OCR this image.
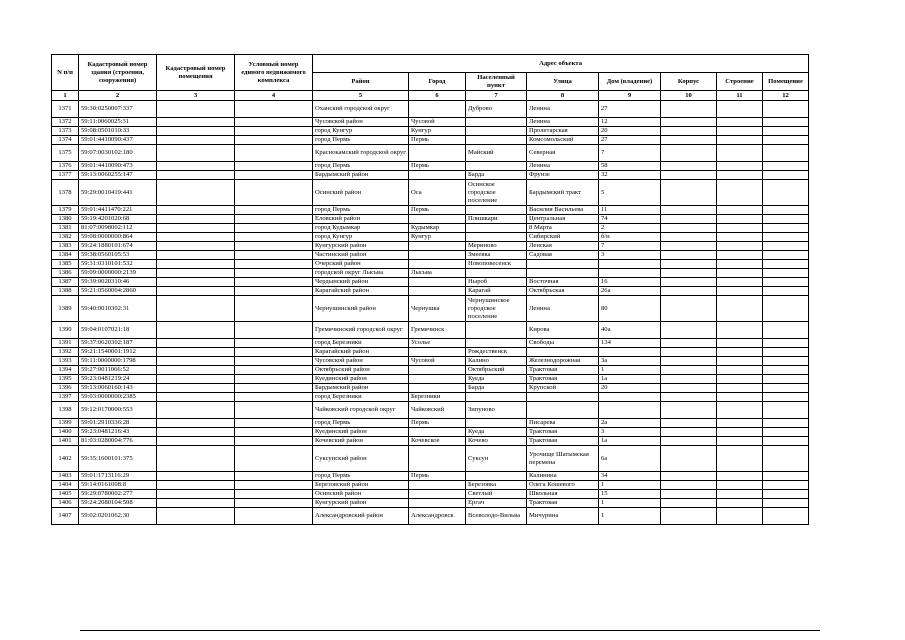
N п/п	Кадастровый номер здания (строения, сооружения)	Кадастровый номер помещения	Условный номер единого недвижимого комплекса	Адрес объекта							
				Район	Город	Населенный пункт	Улица	Дом (владение)	Корпус	Строение	Помещение
1	2	3	4	5	6	7	8	9	10	11	12
1371	59:30:0250007:337			Оханский городской округ		Дуброво	Ленина	27			
1372	59:11:0060025:31			Чусовской район	Чусовой		Ленина	12			
1373	59:08:0501010:33			город Кунгур	Кунгур		Пролетарская	20			
1374	59:01:4410090:437			город Пермь	Пермь		Комсомольский	27			
1375	59:07:0030102:180			Краснокамский городской округ		Майский	Северная	7			
1376	59:01:4410090:473			город Пермь	Пермь		Ленина	58			
1377	59:13:0060255:147			Бардымский район		Барда	Фрунзе	32			
1378	59:29:0010419:441			Осинский район	Оса	Осинское городское поселение	Бардымский тракт	5			
1379	59:01:4411470:221			город Пермь	Пермь		Василия Васильева	11			
1380	59:19:4201020:68			Еловский район		Плишкари	Центральная	74			
1381	81:07:0098002:112			город Кудымкар	Кудымкар		8 Марта	2			
1382	59:08:0000000:864			город Кунгур	Кунгур		Сибирский	б/н			
1383	59:24:1880101:674			Кунгурский район		Мериново	Ленская	7			
1384	59:38:0560105:53			Частинский район		Змеевка	Садовая	3			
1385	59:31:0310101:532			Очерский район		Новоповесенск					
1386	59:09:0000000:2139			городской округ Лысьва	Лысьва						
1387	59:39:0020310:46			Чердынский район		Ныроб	Восточная	16			
1388	59:21:0560004:2860			Карагайский район		Карагай	Октябрьская	26а			
1389	59:40:0010302:31			Чернушинский район	Чернушка	Чернушинское городское поселение	Ленина	80			
1390	59:04:0107021:18			Гремячинский городской округ	Гремячинск		Кирова	40а			
1391	59:37:0620302:187			город Березники	Усолье		Свободы	134			
1392	59:21:1540001:1912			Карагайский район		Рождественск					
1393	59:11:0000000:1798			Чусовской район	Чусовой	Калино	Железнодорожная	3а			
1394	59:27:0011066:52			Октябрьский район		Октябрьский	Трактовая	1			
1395	59:23:0481219:24			Куединский район		Куеда	Трактовая	1а			
1396	59:13:0060160:143			Бардымский район		Барда	Крупской	20			
1397	59:03:0000000:2385			город Березники	Березники						
1398	59:12:0170000:553			Чайковский городской округ	Чайковский	Зипуново					
1399	59:01:2910336:28			город Пермь	Пермь		Писарева	2а			
1400	59:23:0481216:43			Куединский район		Куеда	Трактовая	3			
1401	81:03:0280004:776			Кочевский район	Кочевское	Кочево	Трактовая	1а			
1402	59:35:1600101:375			Суксунский район		Суксун	Урочище Шатымская перемена	6а			
1403	59:01:1713116:29			город Пермь	Пермь		Калинина	34			
1404	59:14:0161008:8			Березовский район		Березовка	Олега Кошевого	1			
1405	59:29:0780002:277			Осинский район		Светлый	Школьная	15			
1406	59:24:2080104:508			Кунгурский район		Ергач	Трактовая	1			
1407	59:02:0201062:30			Александровский район	Александровск	Всеволодо-Вильва	Мичурина	1			
